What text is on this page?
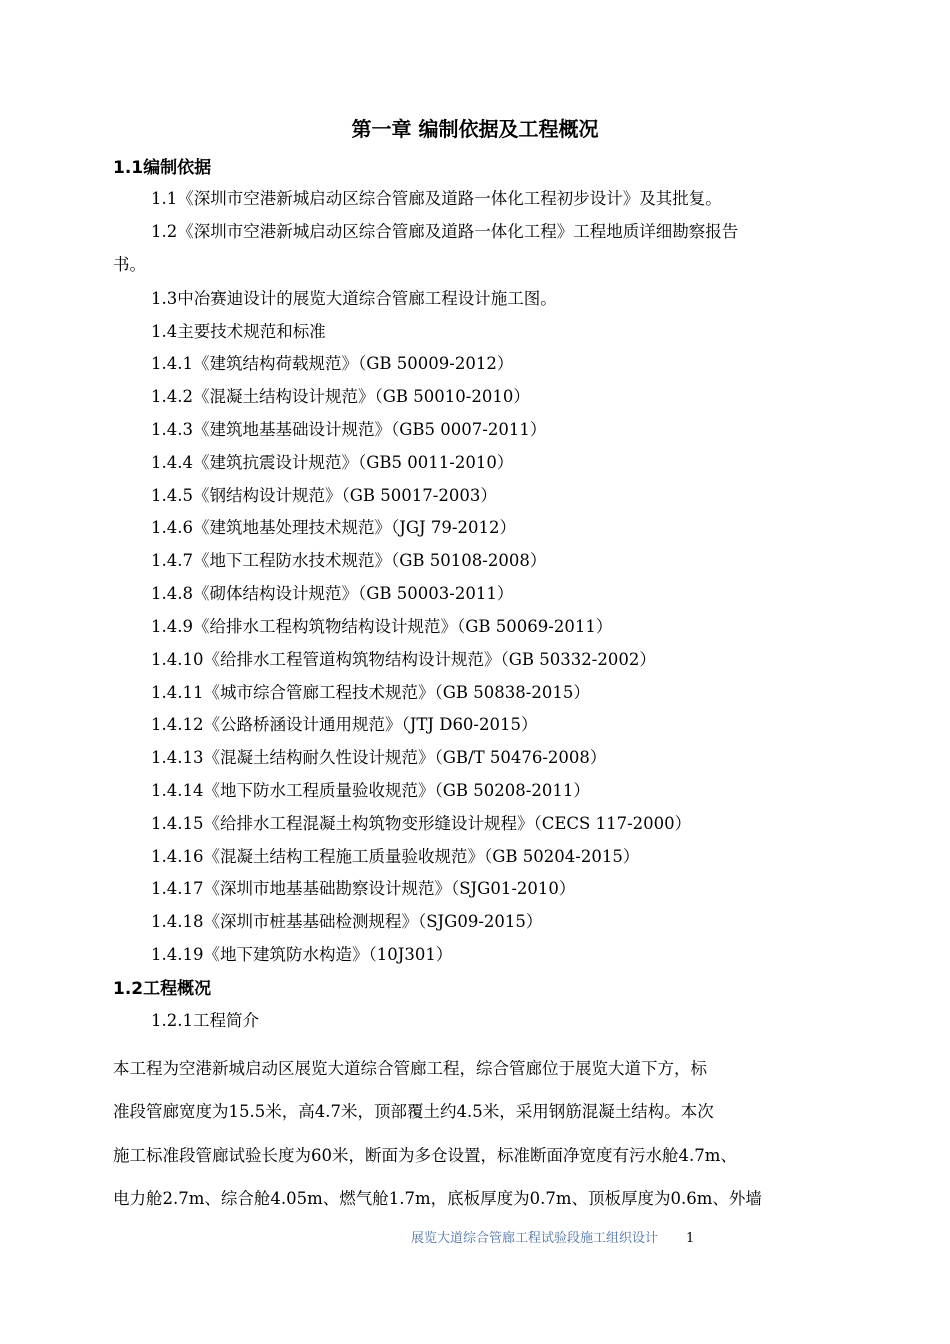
第一章 编制依据及工程概况
1.1编制依据
1.1《深圳市空港新城启动区综合管廊及道路一体化工程初步设计》及其批复。
1.2《深圳市空港新城启动区综合管廊及道路一体化工程》工程地质详细勘察报告
书。
1.3中冶赛迪设计的展览大道综合管廊工程设计施工图。
1.4主要技术规范和标准
1.4.1《建筑结构荷载规范》（GB 50009-2012）
1.4.2《混凝土结构设计规范》（GB 50010-2010）
1.4.3《建筑地基基础设计规范》（GB5 0007-2011）
1.4.4《建筑抗震设计规范》（GB5 0011-2010）
1.4.5《钢结构设计规范》（GB 50017-2003）
1.4.6《建筑地基处理技术规范》（JGJ 79-2012）
1.4.7《地下工程防水技术规范》（GB 50108-2008）
1.4.8《砌体结构设计规范》（GB 50003-2011）
1.4.9《给排水工程构筑物结构设计规范》（GB 50069-2011）
1.4.10《给排水工程管道构筑物结构设计规范》（GB 50332-2002）
1.4.11《城市综合管廊工程技术规范》（GB 50838-2015）
1.4.12《公路桥涵设计通用规范》（JTJ D60-2015）
1.4.13《混凝土结构耐久性设计规范》（GB/T 50476-2008）
1.4.14《地下防水工程质量验收规范》（GB 50208-2011）
1.4.15《给排水工程混凝土构筑物变形缝设计规程》（CECS 117-2000）
1.4.16《混凝土结构工程施工质量验收规范》（GB 50204-2015）
1.4.17《深圳市地基基础勘察设计规范》（SJG01-2010）
1.4.18《深圳市桩基基础检测规程》（SJG09-2015）
1.4.19《地下建筑防水构造》（10J301）
1.2工程概况
1.2.1工程简介
本工程为空港新城启动区展览大道综合管廊工程，综合管廊位于展览大道下方，标
准段管廊宽度为15.5米，高4.7米，顶部覆土约4.5米，采用钢筋混凝土结构。本次
施工标准段管廊试验长度为60米，断面为多仓设置，标准断面净宽度有污水舱4.7m、
电力舱2.7m、综合舱4.05m、燃气舱1.7m，底板厚度为0.7m、顶板厚度为0.6m、外墙
展览大道综合管廊工程试验段施工组织设计 1
